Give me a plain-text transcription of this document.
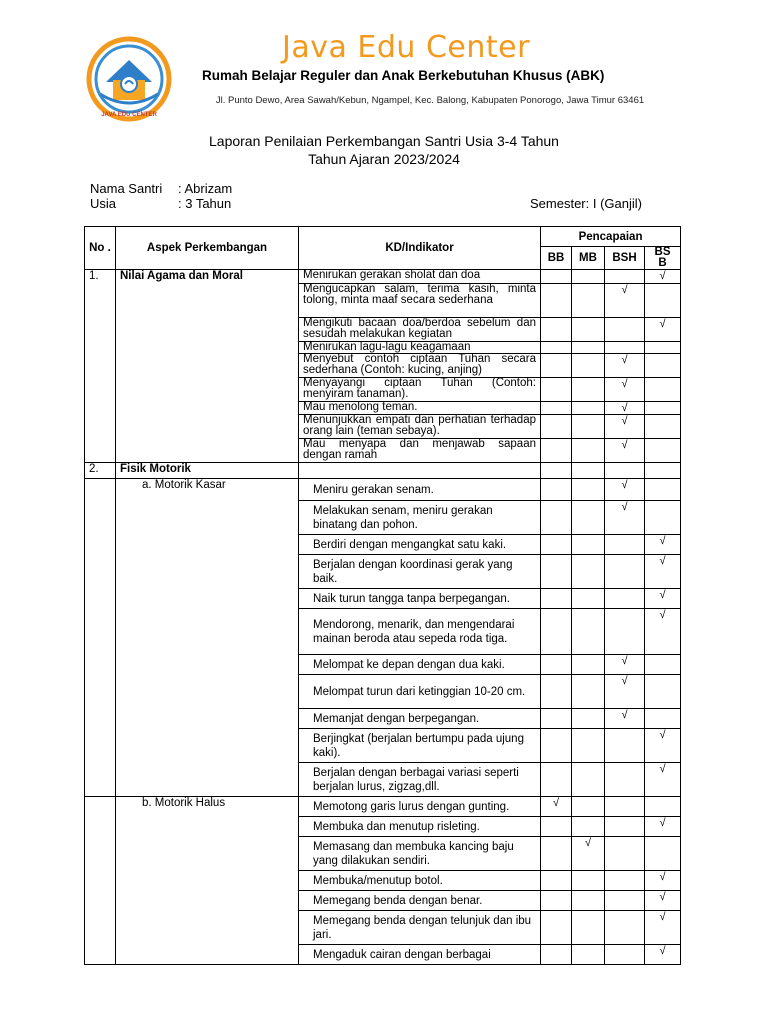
JAVA EDU CENTER
Java Edu Center
Rumah Belajar Reguler dan Anak Berkebutuhan Khusus (ABK)
Jl. Punto Dewo, Area Sawah/Kebun, Ngampel, Kec. Balong, Kabupaten Ponorogo, Jawa Timur 63461
Laporan Penilaian Perkembangan Santri Usia 3-4 Tahun
Tahun Ajaran 2023/2024
Nama Santri : Abrizam
Usia	: 3 Tahun	Semester: I (Ganjil)
No .	Aspek Perkembangan	KD/Indikator	Pencapaian			
			BB	MB	BSH	BS B
1.	Nilai Agama dan Moral	Menirukan gerakan sholat dan doa				√
		Mengucapkan salam, terima kasih, minta tolong, minta maaf secara sederhana			√	
		Mengikuti bacaan doa/berdoa sebelum dan sesudah melakukan kegiatan				√
		Menirukan lagu-lagu keagamaan				
		Menyebut contoh ciptaan Tuhan secara sederhana (Contoh: kucing, anjing)			√	
		Menyayangi ciptaan Tuhan (Contoh: menyiram tanaman).			√	
		Mau menolong teman.			√	
		Menunjukkan empati dan perhatian terhadap orang lain (teman sebaya).			√	
		Mau menyapa dan menjawab sapaan dengan ramah			√	
2.	Fisik Motorik					
	a. Motorik Kasar	Meniru gerakan senam.			√	
		Melakukan senam, meniru gerakan binatang dan pohon.			√	
		Berdiri dengan mengangkat satu kaki.				√
		Berjalan dengan koordinasi gerak yang baik.				√
		Naik turun tangga tanpa berpegangan.				√
		Mendorong, menarik, dan mengendarai mainan beroda atau sepeda roda tiga.				√
		Melompat ke depan dengan dua kaki.			√	
		Melompat turun dari ketinggian 10-20 cm.			√	
		Memanjat dengan berpegangan.			√	
		Berjingkat (berjalan bertumpu pada ujung kaki).				√
		Berjalan dengan berbagai variasi seperti berjalan lurus, zigzag,dll.				√
	b. Motorik Halus	Memotong garis lurus dengan gunting.	√			
		Membuka dan menutup risleting.				√
		Memasang dan membuka kancing baju yang dilakukan sendiri.		√		
		Membuka/menutup botol.				√
		Memegang benda dengan benar.				√
		Memegang benda dengan telunjuk dan ibu jari.				√
		Mengaduk cairan dengan berbagai				√
